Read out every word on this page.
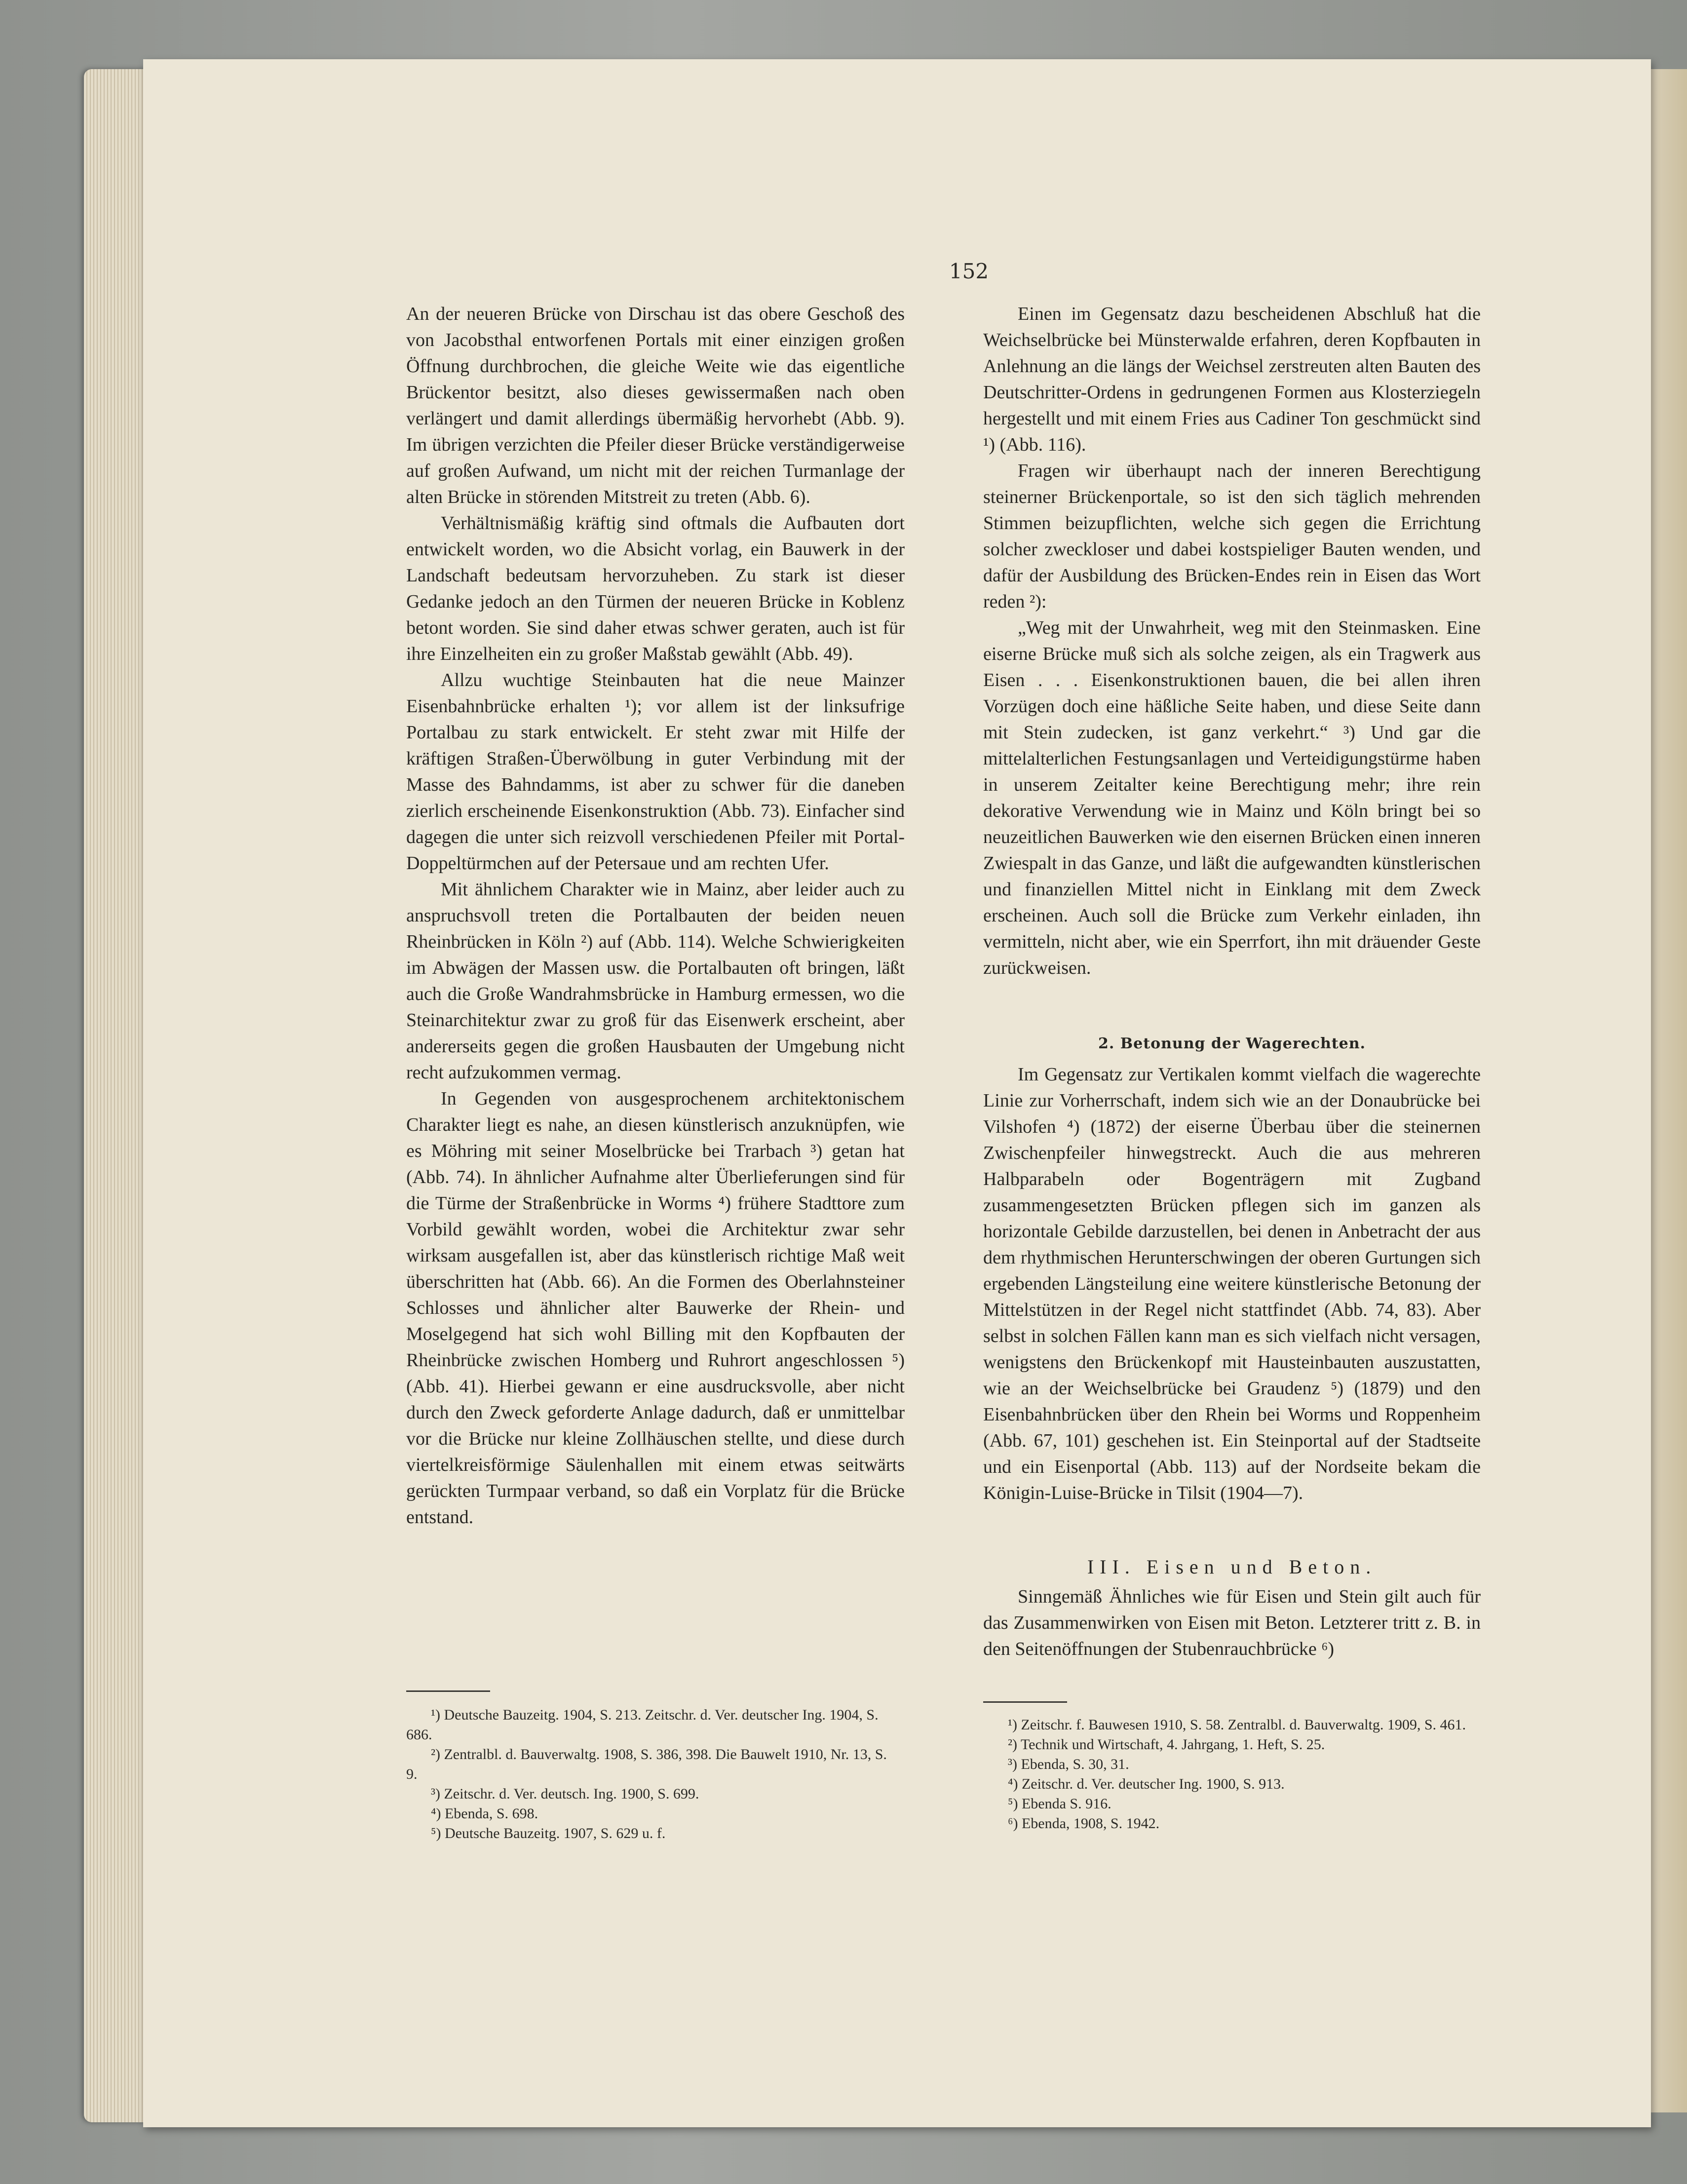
152

An der neueren Brücke von Dirschau ist das obere Geschoß des von Jacobsthal entworfenen Portals mit einer einzigen großen Öffnung durchbrochen, die gleiche Weite wie das eigentliche Brückentor besitzt, also dieses gewissermaßen nach oben verlängert und damit allerdings übermäßig hervorhebt (Abb. 9). Im übrigen verzichten die Pfeiler dieser Brücke verständigerweise auf großen Aufwand, um nicht mit der reichen Turmanlage der alten Brücke in störenden Mitstreit zu treten (Abb. 6).

Verhältnismäßig kräftig sind oftmals die Aufbauten dort entwickelt worden, wo die Absicht vorlag, ein Bauwerk in der Landschaft bedeutsam hervorzuheben. Zu stark ist dieser Gedanke jedoch an den Türmen der neueren Brücke in Koblenz betont worden. Sie sind daher etwas schwer geraten, auch ist für ihre Einzelheiten ein zu großer Maßstab gewählt (Abb. 49).

Allzu wuchtige Steinbauten hat die neue Mainzer Eisenbahnbrücke erhalten ¹); vor allem ist der linksufrige Portalbau zu stark entwickelt. Er steht zwar mit Hilfe der kräftigen Straßen-Überwölbung in guter Verbindung mit der Masse des Bahndamms, ist aber zu schwer für die daneben zierlich erscheinende Eisenkonstruktion (Abb. 73). Einfacher sind dagegen die unter sich reizvoll verschiedenen Pfeiler mit Portal-Doppeltürmchen auf der Petersaue und am rechten Ufer.

Mit ähnlichem Charakter wie in Mainz, aber leider auch zu anspruchsvoll treten die Portalbauten der beiden neuen Rheinbrücken in Köln ²) auf (Abb. 114). Welche Schwierigkeiten im Abwägen der Massen usw. die Portalbauten oft bringen, läßt auch die Große Wandrahmsbrücke in Hamburg ermessen, wo die Steinarchitektur zwar zu groß für das Eisenwerk erscheint, aber andererseits gegen die großen Hausbauten der Umgebung nicht recht aufzukommen vermag.

In Gegenden von ausgesprochenem architektonischem Charakter liegt es nahe, an diesen künstlerisch anzuknüpfen, wie es Möhring mit seiner Moselbrücke bei Trarbach ³) getan hat (Abb. 74). In ähnlicher Aufnahme alter Überlieferungen sind für die Türme der Straßenbrücke in Worms ⁴) frühere Stadttore zum Vorbild gewählt worden, wobei die Architektur zwar sehr wirksam ausgefallen ist, aber das künstlerisch richtige Maß weit überschritten hat (Abb. 66). An die Formen des Oberlahnsteiner Schlosses und ähnlicher alter Bauwerke der Rhein- und Moselgegend hat sich wohl Billing mit den Kopfbauten der Rheinbrücke zwischen Homberg und Ruhrort angeschlossen ⁵) (Abb. 41). Hierbei gewann er eine ausdrucksvolle, aber nicht durch den Zweck geforderte Anlage dadurch, daß er unmittelbar vor die Brücke nur kleine Zollhäuschen stellte, und diese durch viertelkreisförmige Säulenhallen mit einem etwas seitwärts gerückten Turmpaar verband, so daß ein Vorplatz für die Brücke entstand.

¹) Deutsche Bauzeitg. 1904, S. 213. Zeitschr. d. Ver. deutscher Ing. 1904, S. 686.

²) Zentralbl. d. Bauverwaltg. 1908, S. 386, 398. Die Bauwelt 1910, Nr. 13, S. 9.

³) Zeitschr. d. Ver. deutsch. Ing. 1900, S. 699.

⁴) Ebenda, S. 698.

⁵) Deutsche Bauzeitg. 1907, S. 629 u. f.

Einen im Gegensatz dazu bescheidenen Abschluß hat die Weichselbrücke bei Münsterwalde erfahren, deren Kopfbauten in Anlehnung an die längs der Weichsel zerstreuten alten Bauten des Deutschritter-Ordens in gedrungenen Formen aus Klosterziegeln hergestellt und mit einem Fries aus Cadiner Ton geschmückt sind ¹) (Abb. 116).

Fragen wir überhaupt nach der inneren Berechtigung steinerner Brückenportale, so ist den sich täglich mehrenden Stimmen beizupflichten, welche sich gegen die Errichtung solcher zweckloser und dabei kostspieliger Bauten wenden, und dafür der Ausbildung des Brücken-Endes rein in Eisen das Wort reden ²):

„Weg mit der Unwahrheit, weg mit den Steinmasken. Eine eiserne Brücke muß sich als solche zeigen, als ein Tragwerk aus Eisen . . . Eisenkonstruktionen bauen, die bei allen ihren Vorzügen doch eine häßliche Seite haben, und diese Seite dann mit Stein zudecken, ist ganz verkehrt.“ ³) Und gar die mittelalterlichen Festungsanlagen und Verteidigungstürme haben in unserem Zeitalter keine Berechtigung mehr; ihre rein dekorative Verwendung wie in Mainz und Köln bringt bei so neuzeitlichen Bauwerken wie den eisernen Brücken einen inneren Zwiespalt in das Ganze, und läßt die aufgewandten künstlerischen und finanziellen Mittel nicht in Einklang mit dem Zweck erscheinen. Auch soll die Brücke zum Verkehr einladen, ihn vermitteln, nicht aber, wie ein Sperrfort, ihn mit dräuender Geste zurückweisen.

2. Betonung der Wagerechten.

Im Gegensatz zur Vertikalen kommt vielfach die wagerechte Linie zur Vorherrschaft, indem sich wie an der Donaubrücke bei Vilshofen ⁴) (1872) der eiserne Überbau über die steinernen Zwischenpfeiler hinwegstreckt. Auch die aus mehreren Halbparabeln oder Bogenträgern mit Zugband zusammengesetzten Brücken pflegen sich im ganzen als horizontale Gebilde darzustellen, bei denen in Anbetracht der aus dem rhythmischen Herunterschwingen der oberen Gurtungen sich ergebenden Längsteilung eine weitere künstlerische Betonung der Mittelstützen in der Regel nicht stattfindet (Abb. 74, 83). Aber selbst in solchen Fällen kann man es sich vielfach nicht versagen, wenigstens den Brückenkopf mit Hausteinbauten auszustatten, wie an der Weichselbrücke bei Graudenz ⁵) (1879) und den Eisenbahnbrücken über den Rhein bei Worms und Roppenheim (Abb. 67, 101) geschehen ist. Ein Steinportal auf der Stadtseite und ein Eisenportal (Abb. 113) auf der Nordseite bekam die Königin-Luise-Brücke in Tilsit (1904—7).

III. Eisen und Beton.

Sinngemäß Ähnliches wie für Eisen und Stein gilt auch für das Zusammenwirken von Eisen mit Beton. Letzterer tritt z. B. in den Seitenöffnungen der Stubenrauchbrücke ⁶)

¹) Zeitschr. f. Bauwesen 1910, S. 58. Zentralbl. d. Bauverwaltg. 1909, S. 461.

²) Technik und Wirtschaft, 4. Jahrgang, 1. Heft, S. 25.

³) Ebenda, S. 30, 31.

⁴) Zeitschr. d. Ver. deutscher Ing. 1900, S. 913.

⁵) Ebenda S. 916.

⁶) Ebenda, 1908, S. 1942.
